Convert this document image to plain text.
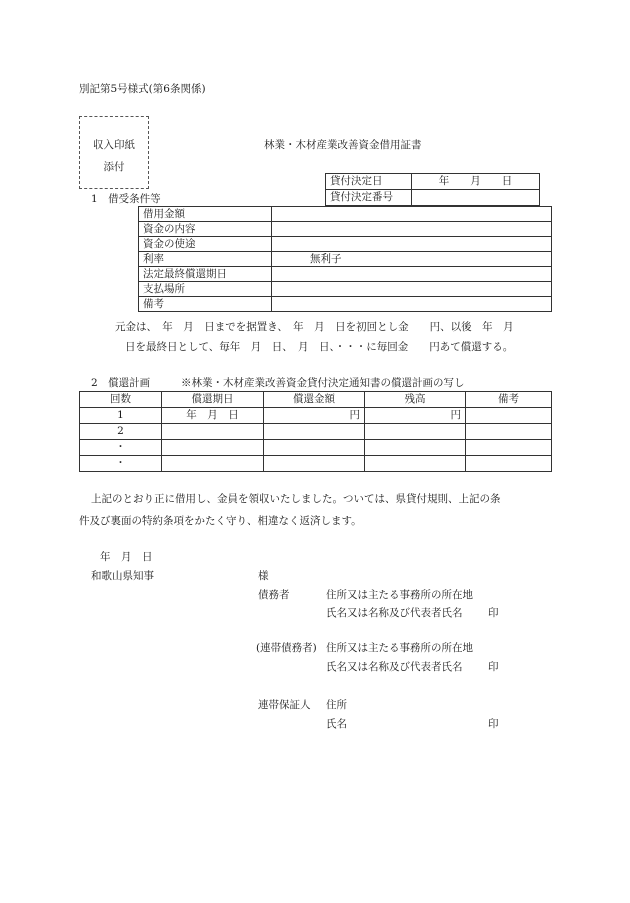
別記第5号様式(第6条関係)
収入印紙
添付
林業・木材産業改善資金借用証書
貸付決定日	年　　月　　日
貸付決定番号	
1　借受条件等
借用金額	
資金の内容	
資金の使途	
利率	無利子
法定最終償還期日	
支払場所	
備考	
元金は、　年　月　日までを据置き、　年　月　日を初回とし金　　円、以後　年　月
日を最終日として、毎年　月　日、　月　日、・・・に毎回金　　円あて償還する。
2　償還計画	※林業・木材産業改善資金貸付決定通知書の償還計画の写し
回数	償還期日	償還金額	残高	備考
1	年　月　日	円	円	
2				
・				
・				
上記のとおり正に借用し、金員を領収いたしました。ついては、県貸付規則、上記の条
件及び裏面の特約条項をかたく守り、相違なく返済します。
年　月　日
和歌山県知事	様
債務者	住所又は主たる事務所の所在地
氏名又は名称及び代表者氏名 印
(連帯債務者) 住所又は主たる事務所の所在地
氏名又は名称及び代表者氏名 印
連帯保証人 住所
氏名	印
